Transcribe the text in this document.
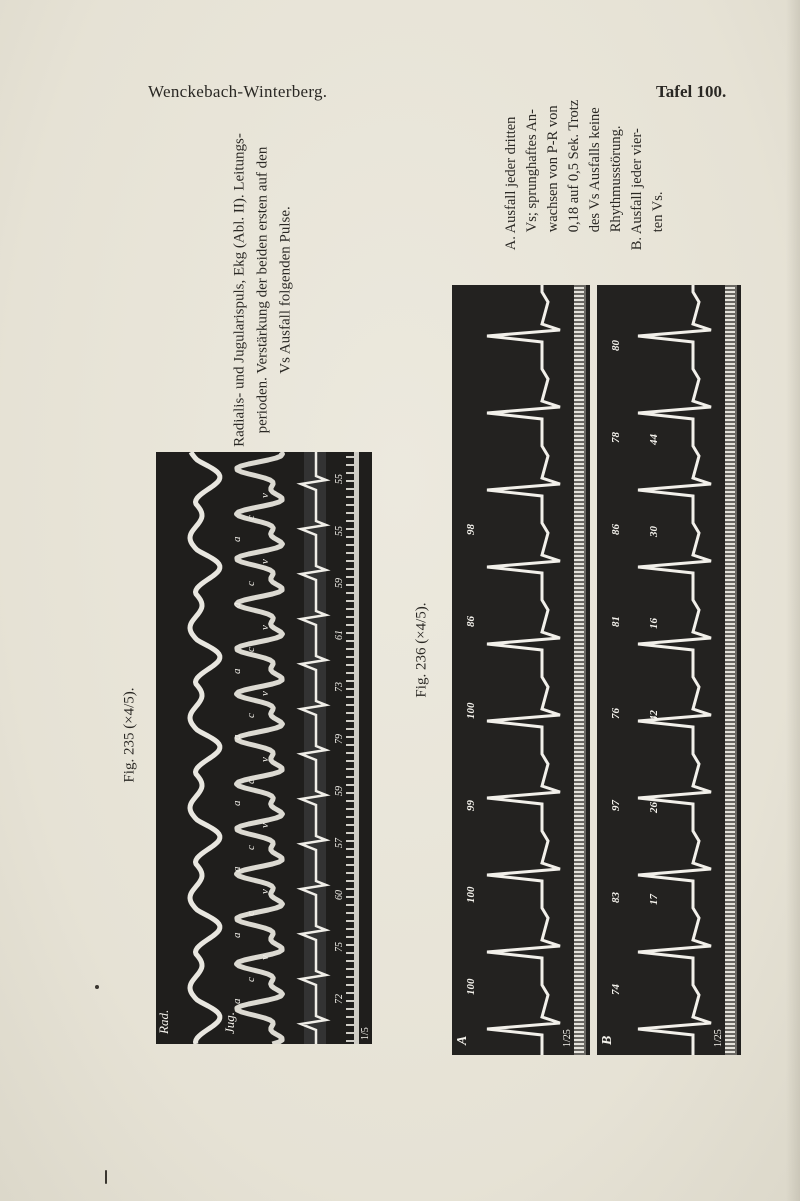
Wenckebach-Winterberg.	Tafel 100.
Fig. 235 (×4/5).
Radialis- und Jugularispuls, Ekg (Abl. II). Leitungs- perioden. Verstärkung der beiden ersten auf den Vs Ausfall folgenden Pulse.
a
c
v
a
c
v
a
c
v
a
c
v
a
c
v
a
c
v
a
c
v
a
c
v
72
75
60
57
59
79
73
61
59
55
55
Rad.	Jug.	1/5
Fig. 236 (×4/5).
A. Ausfall jeder dritten Vs; sprunghaftes An- wachsen von P-R von 0,18 auf 0,5 Sek. Trotz des Vs Ausfalls keine Rhythmusstörung. B. Ausfall jeder vier- ten Vs.
100
100
99
100
86
98
A	1/25
74
83
97
76
81
86
78
80
17
26
42
16
30
44
B	1/25
